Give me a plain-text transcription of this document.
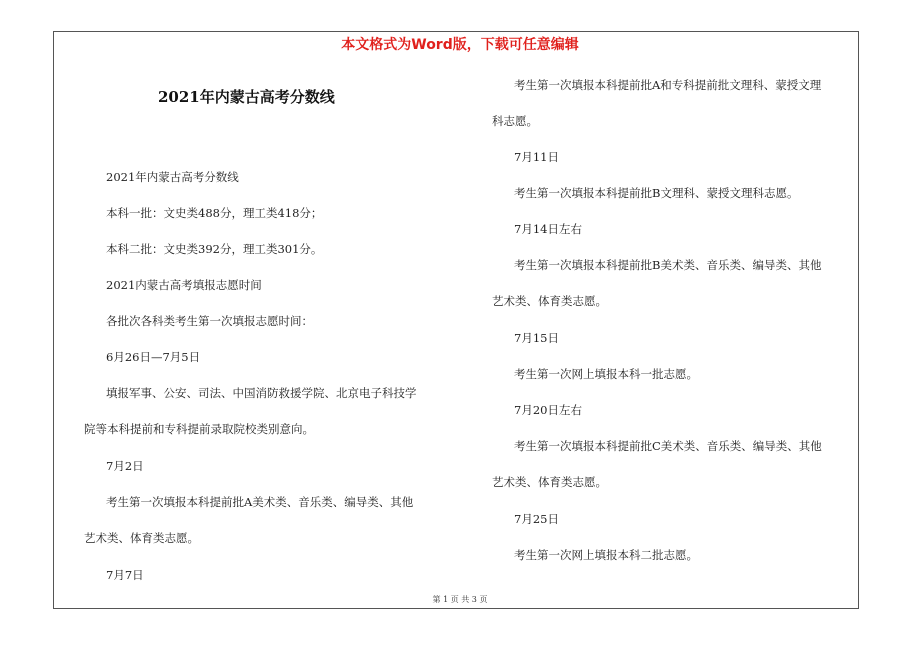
本文格式为Word版，下载可任意编辑
2021年内蒙古高考分数线
2021年内蒙古高考分数线
本科一批：文史类488分，理工类418分；
本科二批：文史类392分，理工类301分。
2021内蒙古高考填报志愿时间
各批次各科类考生第一次填报志愿时间：
6月26日—7月5日
填报军事、公安、司法、中国消防救援学院、北京电子科技学
院等本科提前和专科提前录取院校类别意向。
7月2日
考生第一次填报本科提前批A美术类、音乐类、编导类、其他
艺术类、体育类志愿。
7月7日
考生第一次填报本科提前批A和专科提前批文理科、蒙授文理
科志愿。
7月11日
考生第一次填报本科提前批B文理科、蒙授文理科志愿。
7月14日左右
考生第一次填报本科提前批B美术类、音乐类、编导类、其他
艺术类、体育类志愿。
7月15日
考生第一次网上填报本科一批志愿。
7月20日左右
考生第一次填报本科提前批C美术类、音乐类、编导类、其他
艺术类、体育类志愿。
7月25日
考生第一次网上填报本科二批志愿。
第 1 页 共 3 页
